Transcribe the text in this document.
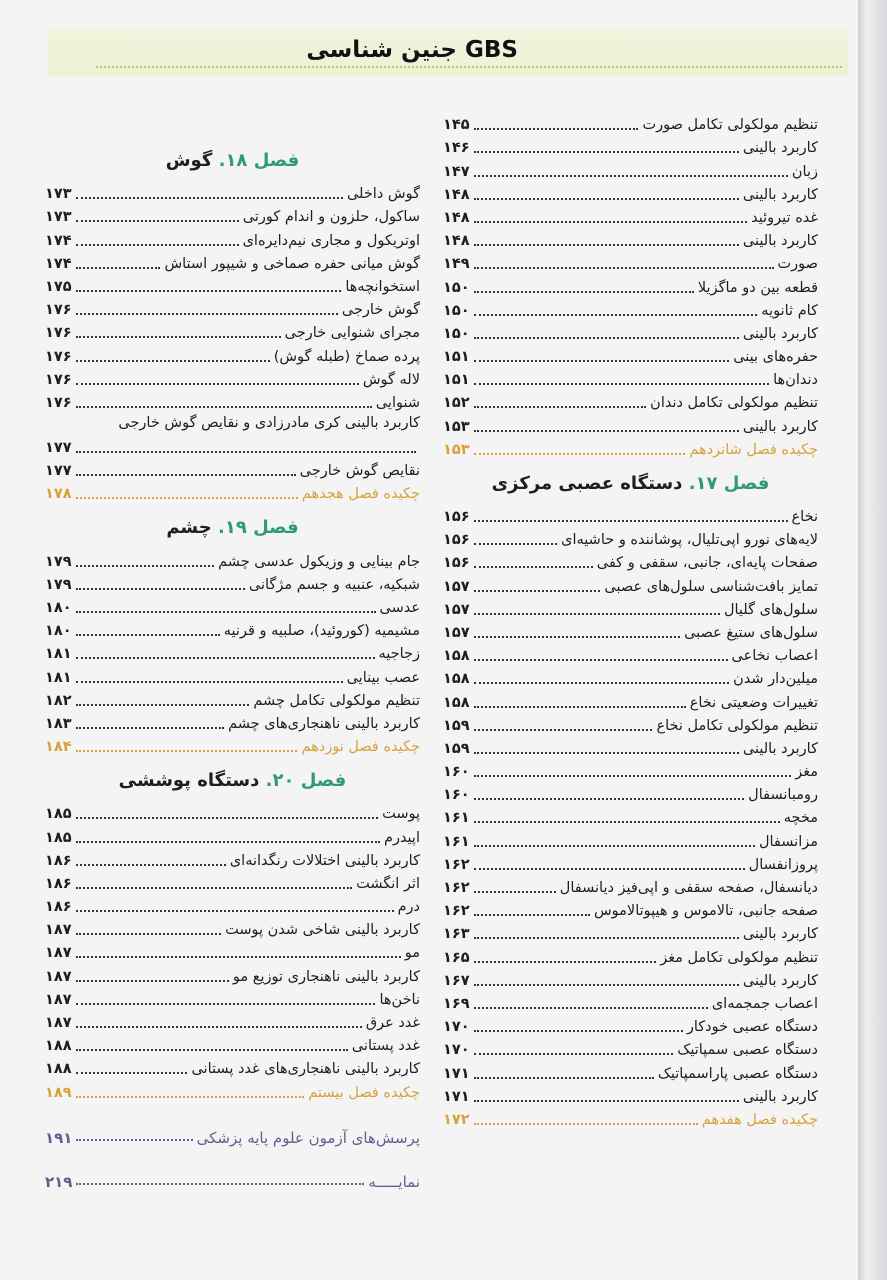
GBS جنین شناسی
تنظیم مولکولی تکامل صورت
۱۴۵
کاربرد بالینی
۱۴۶
زبان
۱۴۷
کاربرد بالینی
۱۴۸
غده تیروئید
۱۴۸
کاربرد بالینی
۱۴۸
صورت
۱۴۹
قطعه بین دو ماگزیلا
۱۵۰
کام ثانویه
۱۵۰
کاربرد بالینی
۱۵۰
حفره‌های بینی
۱۵۱
دندان‌ها
۱۵۱
تنظیم مولکولی تکامل دندان
۱۵۲
کاربرد بالینی
۱۵۳
چکیده فصل شانزدهم
۱۵۳
فصل ۱۷. دستگاه عصبی مرکزی
نخاع
۱۵۶
لایه‌های نورو اپی‌تلیال، پوشاننده و حاشیه‌ای
۱۵۶
صفحات پایه‌ای، جانبی، سقفی و کفی
۱۵۶
تمایز بافت‌شناسی سلول‌های عصبی
۱۵۷
سلول‌های گلیال
۱۵۷
سلول‌های ستیغ عصبی
۱۵۷
اعصاب نخاعی
۱۵۸
میلین‌دار شدن
۱۵۸
تغییرات وضعیتی نخاع
۱۵۸
تنظیم مولکولی تکامل نخاع
۱۵۹
کاربرد بالینی
۱۵۹
مغز
۱۶۰
رومبانسفال
۱۶۰
مخچه
۱۶۱
مزانسفال
۱۶۱
پروزانفسال
۱۶۲
دیانسفال، صفحه سقفی و اپی‌فیز دیانسفال
۱۶۲
صفحه جانبی، تالاموس و هیپوتالاموس
۱۶۲
کاربرد بالینی
۱۶۳
تنظیم مولکولی تکامل مغز
۱۶۵
کاربرد بالینی
۱۶۷
اعصاب جمجمه‌ای
۱۶۹
دستگاه عصبی خودکار
۱۷۰
دستگاه عصبی سمپاتیک
۱۷۰
دستگاه عصبی پاراسمپاتیک
۱۷۱
کاربرد بالینی
۱۷۱
چکیده فصل هفدهم
۱۷۲
فصل ۱۸. گوش
گوش داخلی
۱۷۳
ساکول، حلزون و اندام کورتی
۱۷۳
اوتریکول و مجاری نیم‌دایره‌ای
۱۷۴
گوش میانی حفره صماخی و شیپور استاش
۱۷۴
استخوانچه‌ها
۱۷۵
گوش خارجی
۱۷۶
مجرای شنوایی خارجی
۱۷۶
پرده صماخ (طبله گوش)
۱۷۶
لاله گوش
۱۷۶
شنوایی
۱۷۶
کاربرد بالینی کری مادرزادی و نقایص گوش خارجی
۱۷۷
نقایص گوش خارجی
۱۷۷
چکیده فصل هجدهم
۱۷۸
فصل ۱۹. چشم
جام بینایی و وزیکول عدسی چشم
۱۷۹
شبکیه، عنبیه و جسم مژگانی
۱۷۹
عدسی
۱۸۰
مشیمیه (کوروئید)، صلبیه و قرنیه
۱۸۰
زجاجیه
۱۸۱
عصب بینایی
۱۸۱
تنظیم مولکولی تکامل چشم
۱۸۲
کاربرد بالینی ناهنجاری‌های چشم
۱۸۳
چکیده فصل نوزدهم
۱۸۴
فصل ۲۰. دستگاه پوششی
پوست
۱۸۵
اپیدرم
۱۸۵
کاربرد بالینی اختلالات رنگدانه‌ای
۱۸۶
اثر انگشت
۱۸۶
درم
۱۸۶
کاربرد بالینی شاخی شدن پوست
۱۸۷
مو
۱۸۷
کاربرد بالینی ناهنجاری توزیع مو
۱۸۷
ناخن‌ها
۱۸۷
غدد عرق
۱۸۷
غدد پستانی
۱۸۸
کاربرد بالینی ناهنجاری‌های غدد پستانی
۱۸۸
چکیده فصل بیستم
۱۸۹
پرسش‌های آزمون علوم پایه پزشکی
۱۹۱
نمایـــــه
۲۱۹
